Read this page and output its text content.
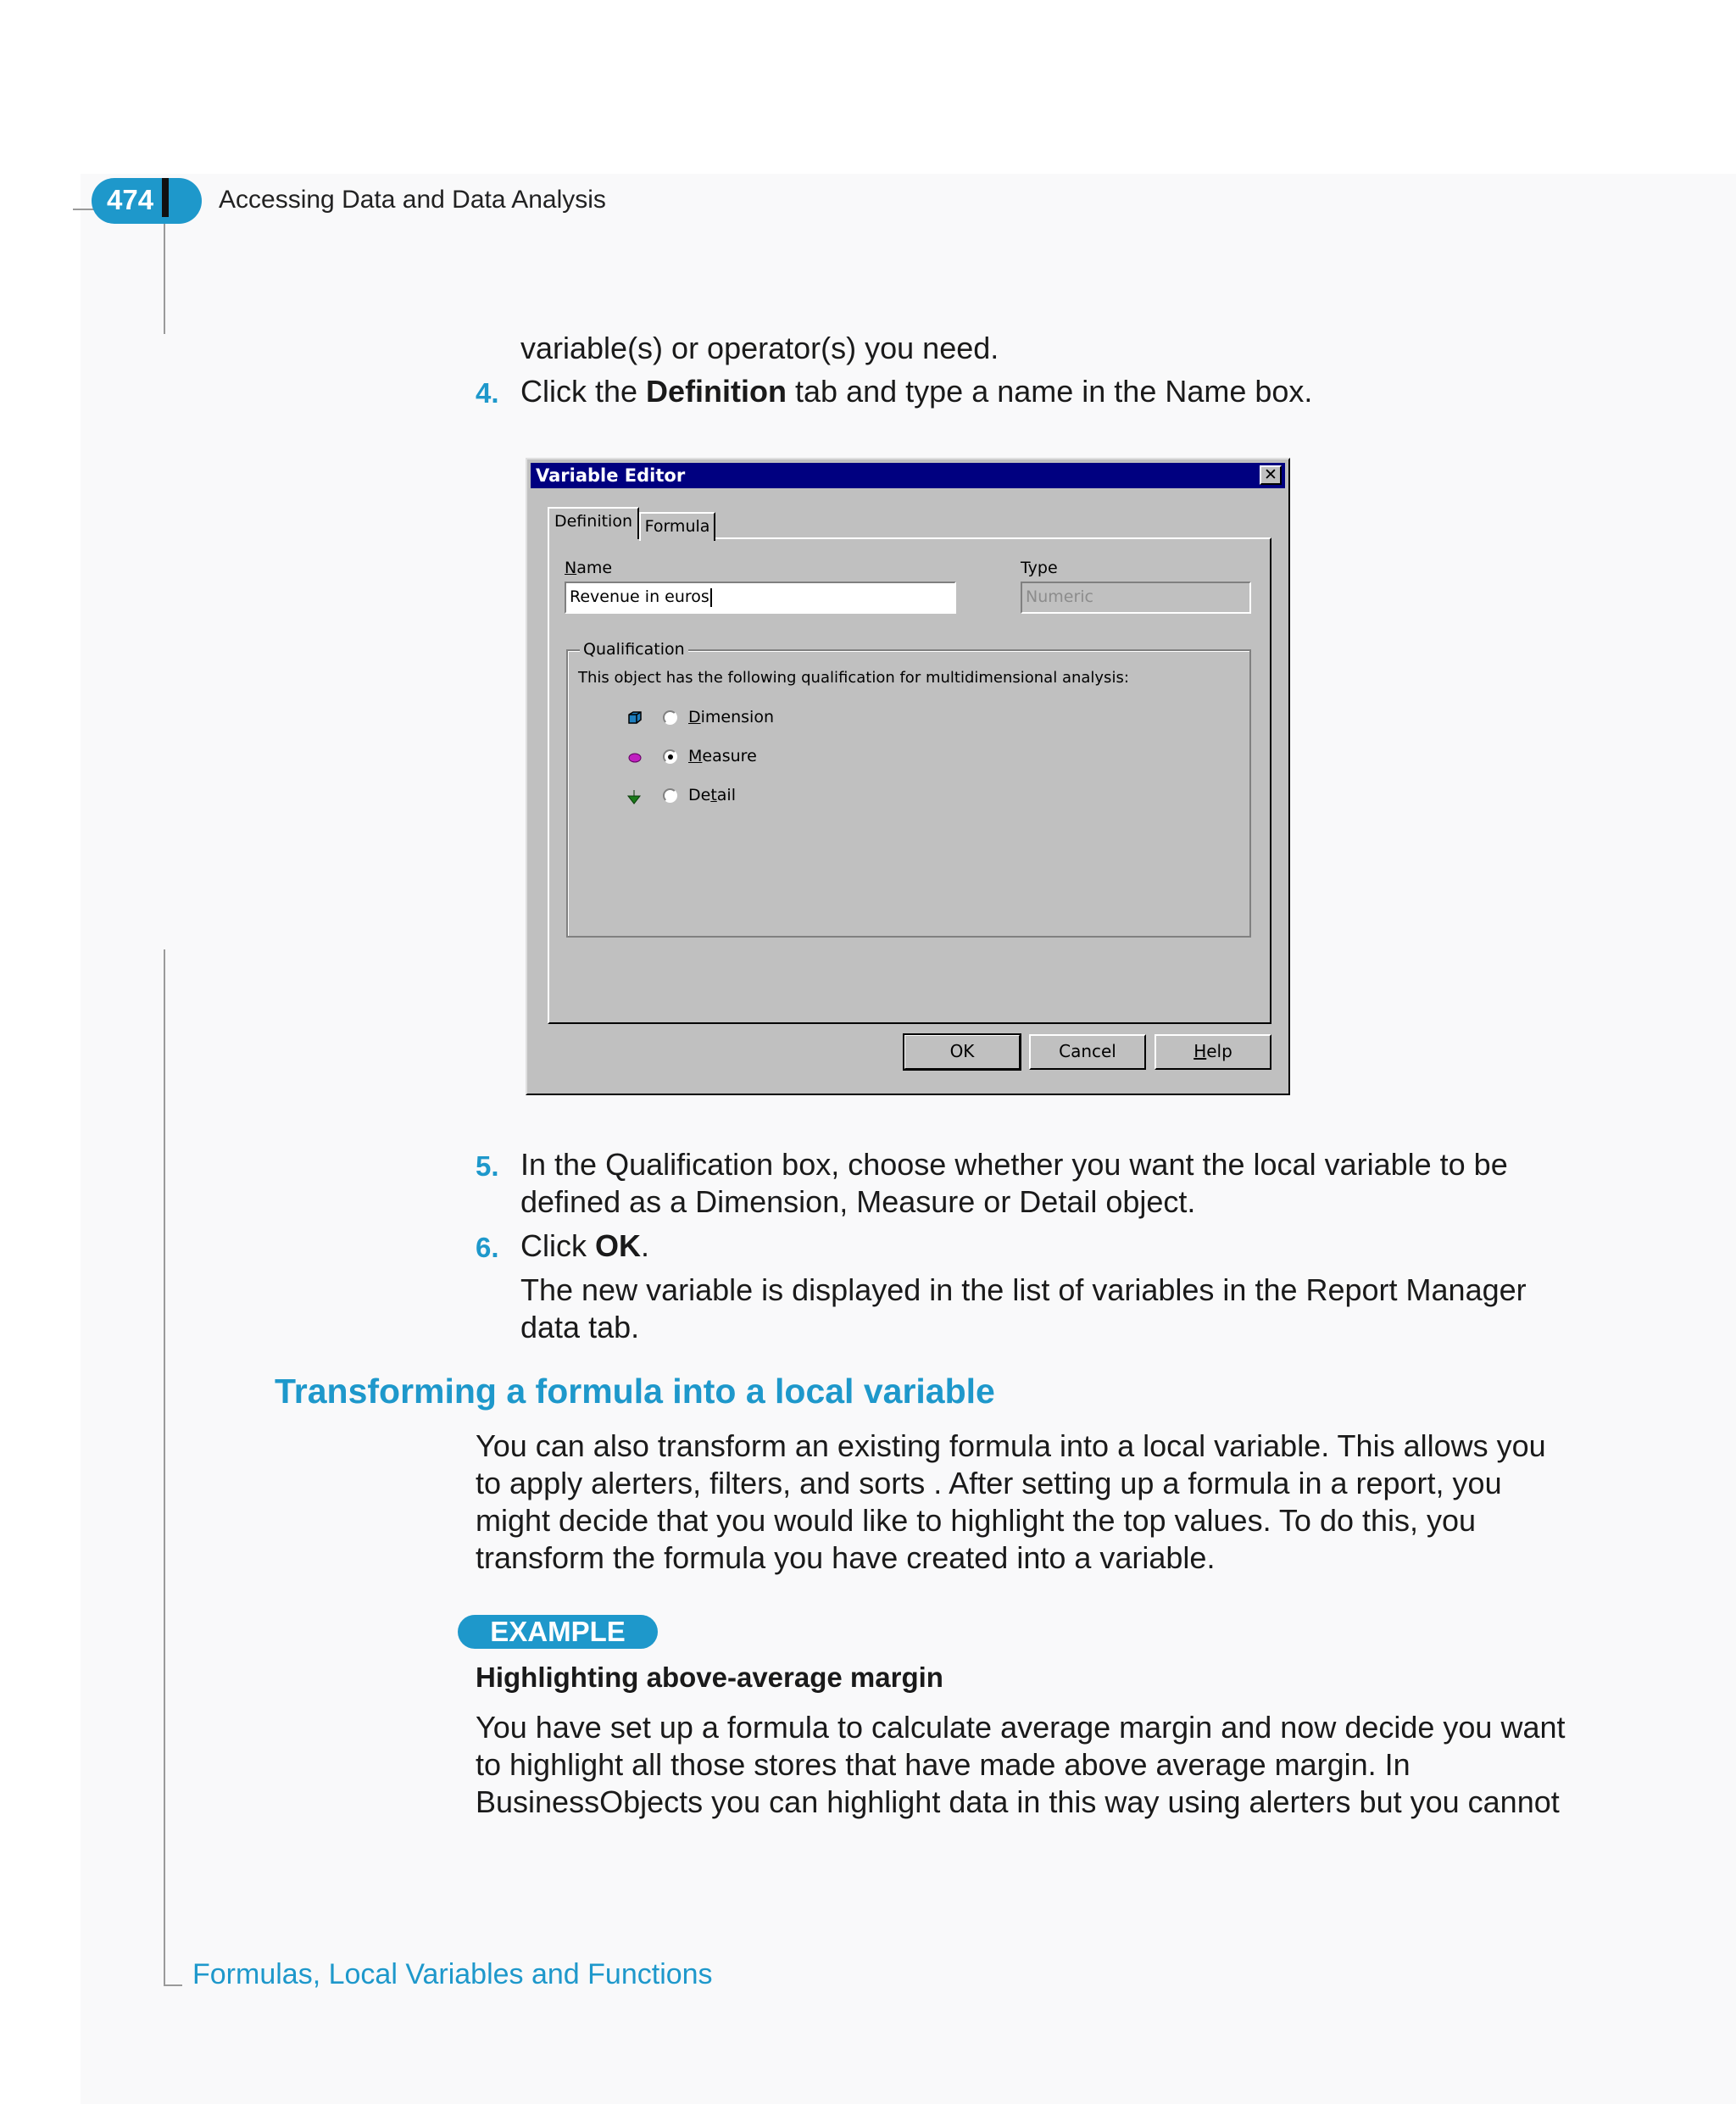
474	Accessing Data and Data Analysis
variable(s) or operator(s) you need.
4. Click the Definition tab and type a name in the Name box.
Variable Editor	✕
Definition Formula
Name
Revenue in euros
Type
Numeric
Qualification
This object has the following qualification for multidimensional analysis:
Dimension
Measure
Detail
OK	Cancel	Help
5. In the Qualification box, choose whether you want the local variable to be
defined as a Dimension, Measure or Detail object.
6. Click OK.
The new variable is displayed in the list of variables in the Report Manager
data tab.
Transforming a formula into a local variable
You can also transform an existing formula into a local variable. This allows you
to apply alerters, filters, and sorts . After setting up a formula in a report, you
might decide that you would like to highlight the top values. To do this, you
transform the formula you have created into a variable.
EXAMPLE
Highlighting above-average margin
You have set up a formula to calculate average margin and now decide you want
to highlight all those stores that have made above average margin. In
BusinessObjects you can highlight data in this way using alerters but you cannot
Formulas, Local Variables and Functions
